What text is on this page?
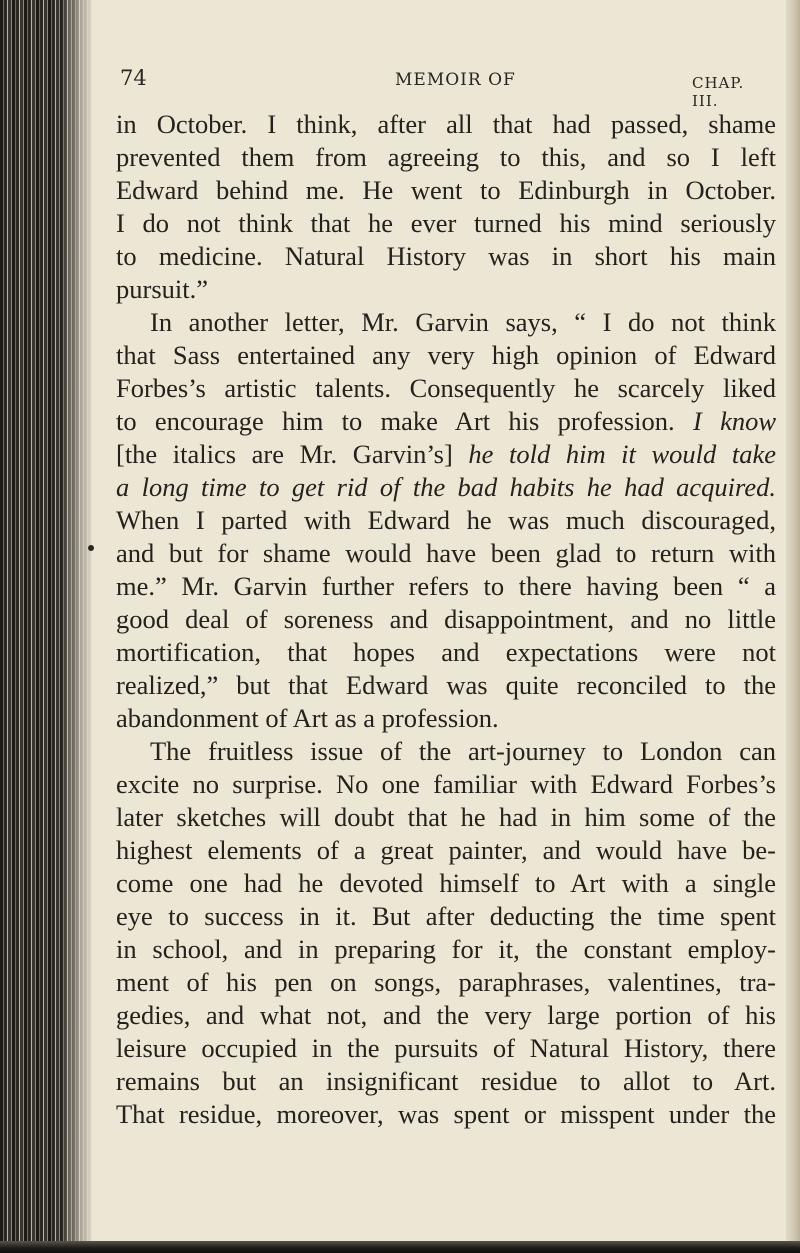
74	MEMOIR OF	CHAP. III.
in October. I think, after all that had passed, shame
prevented them from agreeing to this, and so I left
Edward behind me. He went to Edinburgh in October.
I do not think that he ever turned his mind seriously
to medicine. Natural History was in short his main
pursuit.”
In another letter, Mr. Garvin says, “ I do not think
that Sass entertained any very high opinion of Edward
Forbes’s artistic talents. Consequently he scarcely liked
to encourage him to make Art his profession. I know
[the italics are Mr. Garvin’s] he told him it would take
a long time to get rid of the bad habits he had acquired.
When I parted with Edward he was much discouraged,
and but for shame would have been glad to return with
me.” Mr. Garvin further refers to there having been “ a
good deal of soreness and disappointment, and no little
mortification, that hopes and expectations were not
realized,” but that Edward was quite reconciled to the
abandonment of Art as a profession.
The fruitless issue of the art-journey to London can
excite no surprise. No one familiar with Edward Forbes’s
later sketches will doubt that he had in him some of the
highest elements of a great painter, and would have be-
come one had he devoted himself to Art with a single
eye to success in it. But after deducting the time spent
in school, and in preparing for it, the constant employ-
ment of his pen on songs, paraphrases, valentines, tra-
gedies, and what not, and the very large portion of his
leisure occupied in the pursuits of Natural History, there
remains but an insignificant residue to allot to Art.
That residue, moreover, was spent or misspent under the
